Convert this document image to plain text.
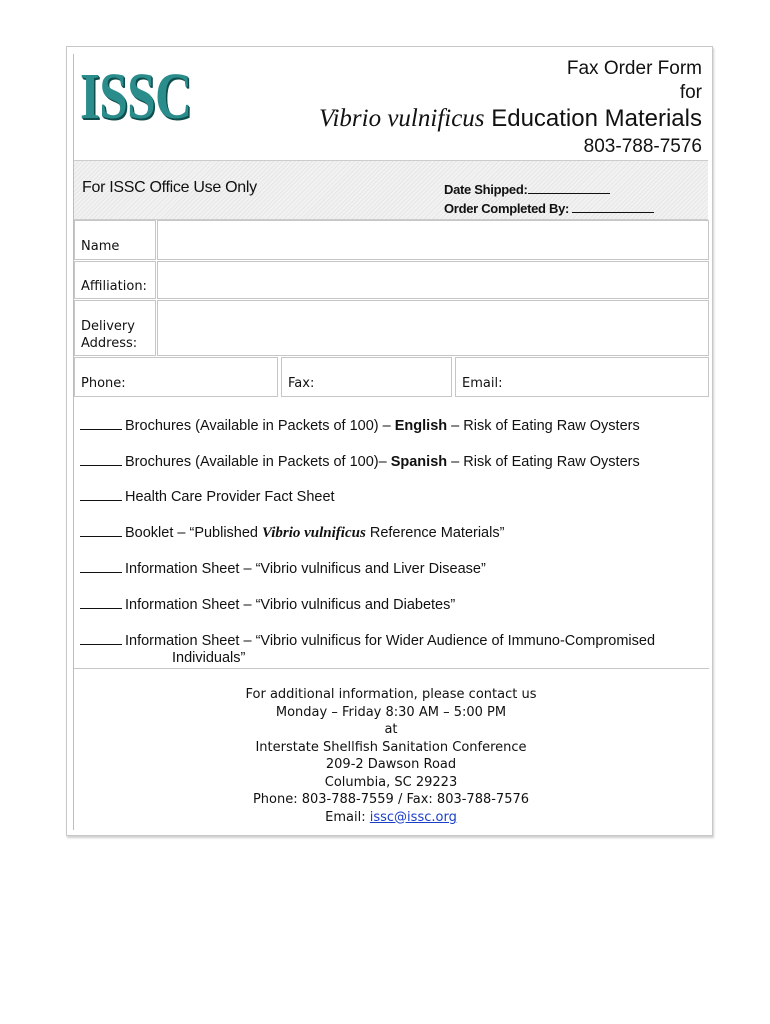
ISSC	Fax Order Form
for
Vibrio vulnificus Education Materials
803-788-7576
For ISSC Office Use Only	Date Shipped:
Order Completed By:
Name
Affiliation:
Delivery
Address:
Phone:	Fax:	Email:
Brochures (Available in Packets of 100) – English – Risk of Eating Raw Oysters
Brochures (Available in Packets of 100)– Spanish – Risk of Eating Raw Oysters
Health Care Provider Fact Sheet
Booklet – “Published Vibrio vulnificus Reference Materials”
Information Sheet – “Vibrio vulnificus and Liver Disease”
Information Sheet – “Vibrio vulnificus and Diabetes”
Information Sheet – “Vibrio vulnificus for Wider Audience of Immuno-Compromised
Individuals”
For additional information, please contact us
Monday – Friday 8:30 AM – 5:00 PM
at
Interstate Shellfish Sanitation Conference
209-2 Dawson Road
Columbia, SC 29223
Phone: 803-788-7559 / Fax: 803-788-7576
Email: issc@issc.org
